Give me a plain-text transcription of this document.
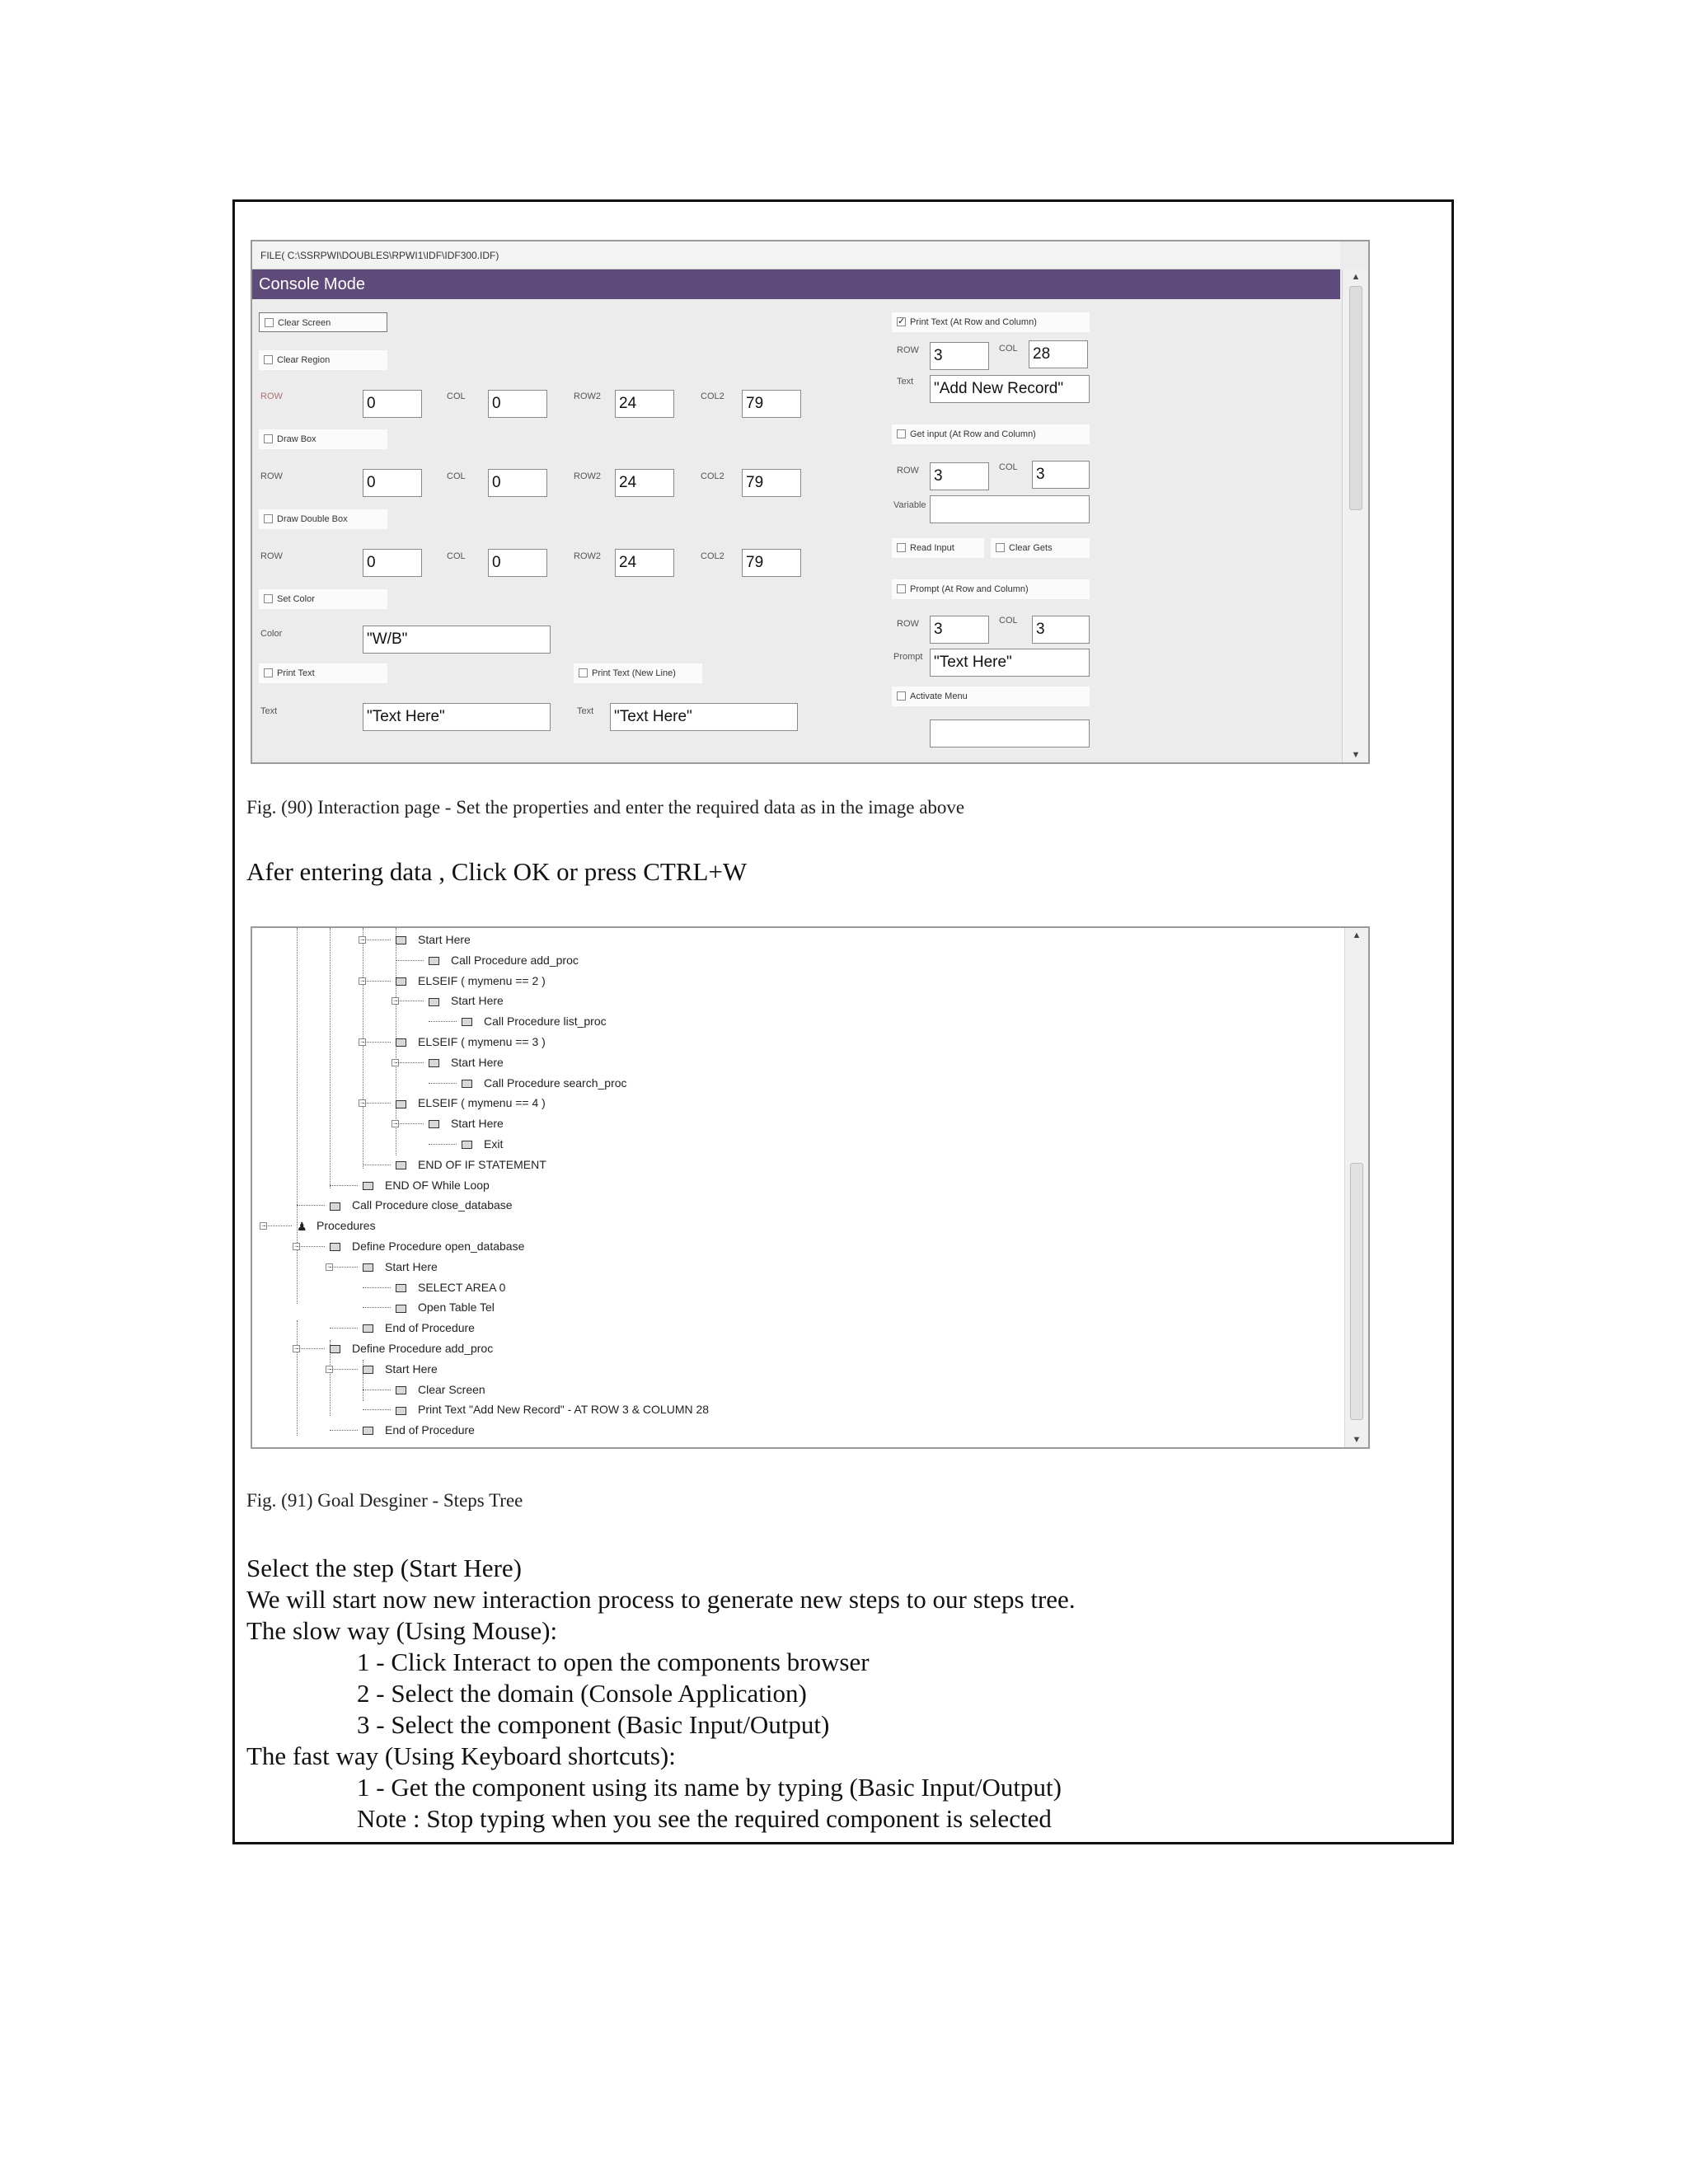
FILE( C:\SSRPWI\DOUBLES\RPWI1\IDF\IDF300.IDF)
Console Mode
Clear Screen
Clear Region
ROW	0	COL 0	ROW2 24	COL2 79
Draw Box
ROW	0	COL 0	ROW2 24	COL2 79
Draw Double Box
ROW	0	COL 0	ROW2 24	COL2 79
Set Color
Color	"W/B"
Print Text	Print Text (New Line)
Text	"Text Here"	Text "Text Here"
✓ Print Text (At Row and Column)
ROW 3	COL 28
Text "Add New Record"
Get input (At Row and Column)
ROW 3	COL 3
Variable
Read Input	Clear Gets
Prompt (At Row and Column)
ROW 3	COL 3
Prompt "Text Here"
Activate Menu
▲
▼
Fig. (90) Interaction page - Set the properties and enter the required data as in the image above
Afer entering data , Click OK or press CTRL+W
−	Start Here
Call Procedure add_proc
−	ELSEIF ( mymenu == 2 )
−	Start Here
Call Procedure list_proc
−	ELSEIF ( mymenu == 3 )
−	Start Here
Call Procedure search_proc
−	ELSEIF ( mymenu == 4 )
−	Start Here
Exit
END OF IF STATEMENT
END OF While Loop
Call Procedure close_database
−	♟ Procedures
−	Define Procedure open_database
−	Start Here
SELECT AREA 0
Open Table Tel
End of Procedure
−	Define Procedure add_proc
−	Start Here
Clear Screen
Print Text "Add New Record" - AT ROW 3 & COLUMN 28
End of Procedure
▲
▼
Fig. (91) Goal Desginer - Steps Tree
Select the step (Start Here)
We will start now new interaction process to generate new steps to our steps tree.
The slow way (Using Mouse):
1 - Click Interact to open the components browser
2 - Select the domain (Console Application)
3 - Select the component (Basic Input/Output)
The fast way (Using Keyboard shortcuts):
1 - Get the component using its name by typing (Basic Input/Output)
Note : Stop typing when you see the required component is selected
